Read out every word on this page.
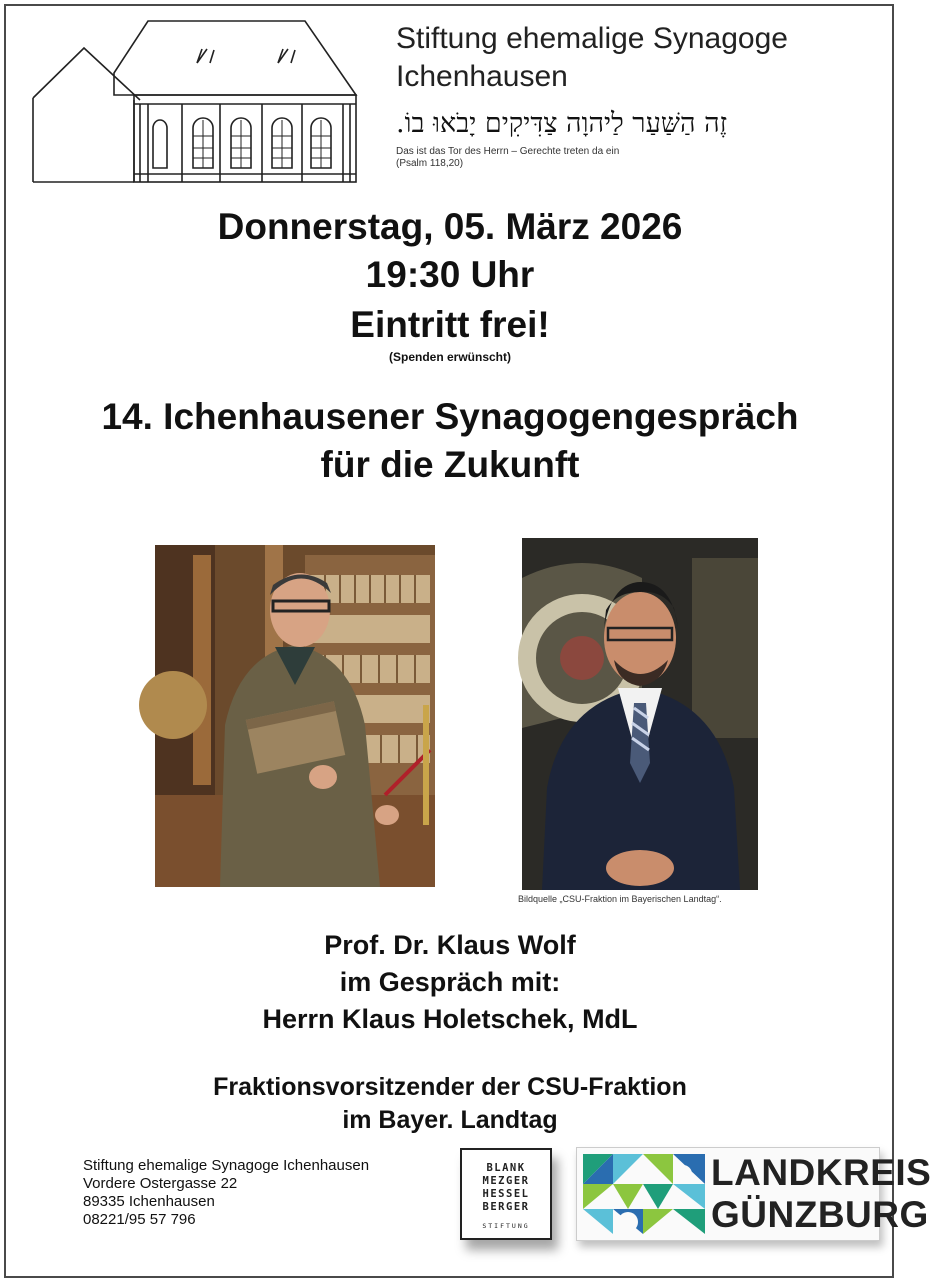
Stiftung ehemalige Synagoge
Ichenhausen
זֶה הַשַּׁעַר לַיהוָה צַדִּיקִים יָבֹאוּ בוֹ.
Das ist das Tor des Herrn – Gerechte treten da ein
(Psalm 118,20)
Donnerstag, 05. März 2026
19:30 Uhr
Eintritt frei!
(Spenden erwünscht)
14. Ichenhausener Synagogengespräch
für die Zukunft
Bildquelle „CSU-Fraktion im Bayerischen Landtag“.
Prof. Dr. Klaus Wolf
im Gespräch mit:
Herrn Klaus Holetschek, MdL
Fraktionsvorsitzender der CSU-Fraktion
im Bayer. Landtag
Stiftung ehemalige Synagoge Ichenhausen
Vordere Ostergasse 22
89335 Ichenhausen
08221/95 57 796
BLANK
MEZGER
HESSEL
BERGER
STIFTUNG
LANDKREIS
GÜNZBURG
